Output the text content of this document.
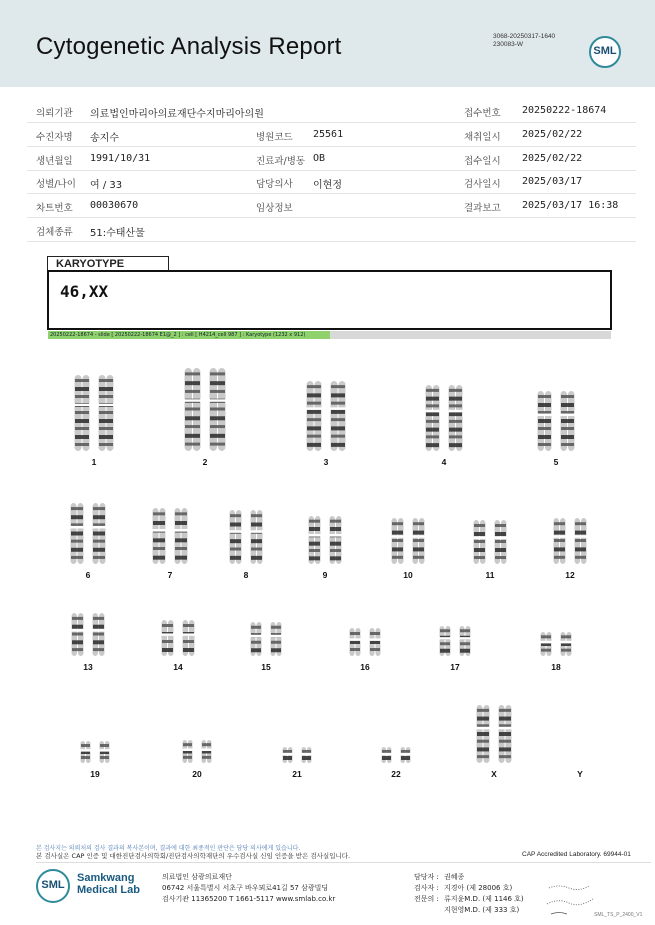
Cytogenetic Analysis Report	3068-20250317-1640
230083-W
SML
의뢰기관 의료법인마리아의료재단수지마리아의원	접수번호 20250222-18674
수진자명 송지수	병원코드 25561	채취일시 2025/02/22
생년월일 1991/10/31	진료과/병동 OB	접수일시 2025/02/22
성별/나이 여 / 33	담당의사 이현정	검사일시 2025/03/17
차트번호 00030670	임상정보	결과보고 2025/03/17 16:38
검체종류 51:수태산물
KARYOTYPE
46,XX
20250222-18674 - slide [ 20250222-18674 E1@_2 ] : cell [ H4214_cell 987 ] : Karyotype (1232 x 912)
1	2	3	4	5
6	7	8	9	10	11	12
13	14	15	16	17	18
19	20	21	22	X	Y
본 검사지는 의뢰처의 검사 결과의 복사본이며, 결과에 대한 최종적인 판단은 담당 의사에게 있습니다.
본 검사실은 CAP 인증 및 대한진단검사의학회/진단검사의학재단의 우수검사실 신임 인증을 받은 검사실입니다.	CAP Accredited Laboratory. 69944-01
SML
Samkwang
Medical Lab
의료법인 삼광의료재단
06742 서울특별시 서초구 바우뫼로41길 57 삼광빌딩
검사기관 11365200 T 1661-5117 www.smlab.co.kr
담당자 : 권혜종
검사자 : 지경아 (제 28006 호)
전문의 : 류지윤M.D. (제 1146 호)
지현영M.D. (제 333 호)
SML_TS_P_2400_V1
